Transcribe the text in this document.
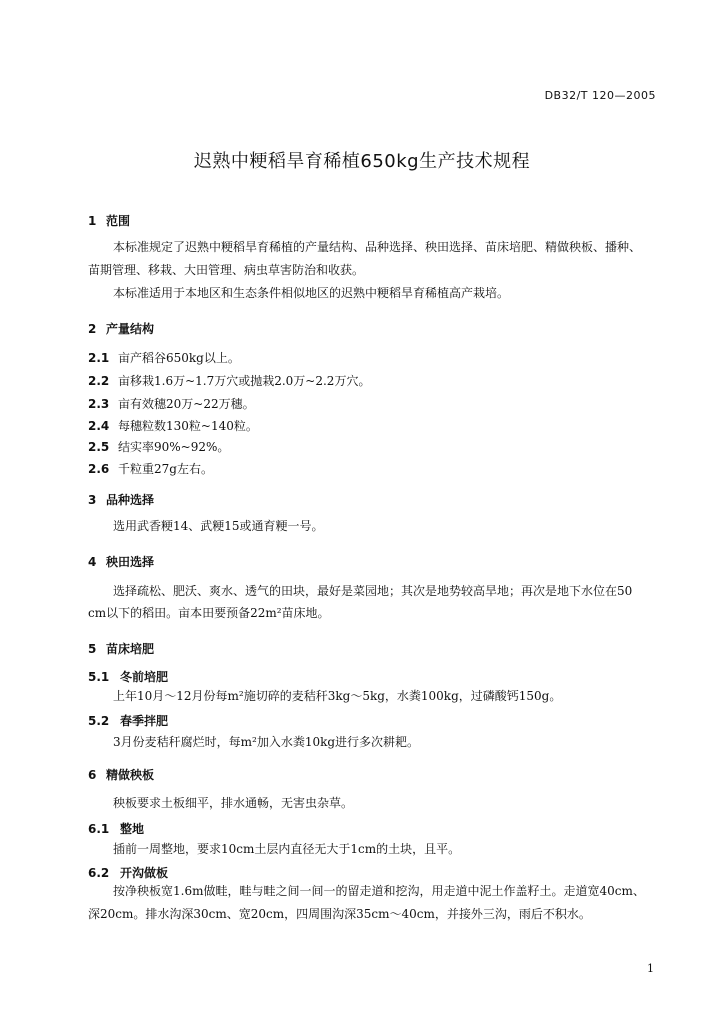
DB32/T 120—2005
迟熟中粳稻旱育稀植650kg生产技术规程
1 范围
本标准规定了迟熟中粳稻旱育稀植的产量结构、品种选择、秧田选择、苗床培肥、精做秧板、播种、
苗期管理、移栽、大田管理、病虫草害防治和收获。
本标准适用于本地区和生态条件相似地区的迟熟中粳稻旱育稀植高产栽培。
2 产量结构
2.1 亩产稻谷650kg以上。
2.2 亩移栽1.6万~1.7万穴或抛栽2.0万~2.2万穴。
2.3 亩有效穗20万~22万穗。
2.4 每穗粒数130粒~140粒。
2.5 结实率90%~92%。
2.6 千粒重27g左右。
3 品种选择
选用武香粳14、武粳15或通育粳一号。
4 秧田选择
选择疏松、肥沃、爽水、透气的田块，最好是菜园地；其次是地势较高旱地；再次是地下水位在50
cm以下的稻田。亩本田要预备22m²苗床地。
5 苗床培肥
5.1 冬前培肥
上年10月～12月份每m²施切碎的麦秸秆3kg～5kg，水粪100kg，过磷酸钙150g。
5.2 春季拌肥
3月份麦秸秆腐烂时，每m²加入水粪10kg进行多次耕耙。
6 精做秧板
秧板要求土板细平，排水通畅，无害虫杂草。
6.1 整地
插前一周整地，要求10cm土层内直径无大于1cm的土块，且平。
6.2 开沟做板
按净秧板宽1.6m做畦，畦与畦之间一间一的留走道和挖沟，用走道中泥土作盖籽土。走道宽40cm、
深20cm。排水沟深30cm、宽20cm，四周围沟深35cm～40cm，并接外三沟，雨后不积水。
1
